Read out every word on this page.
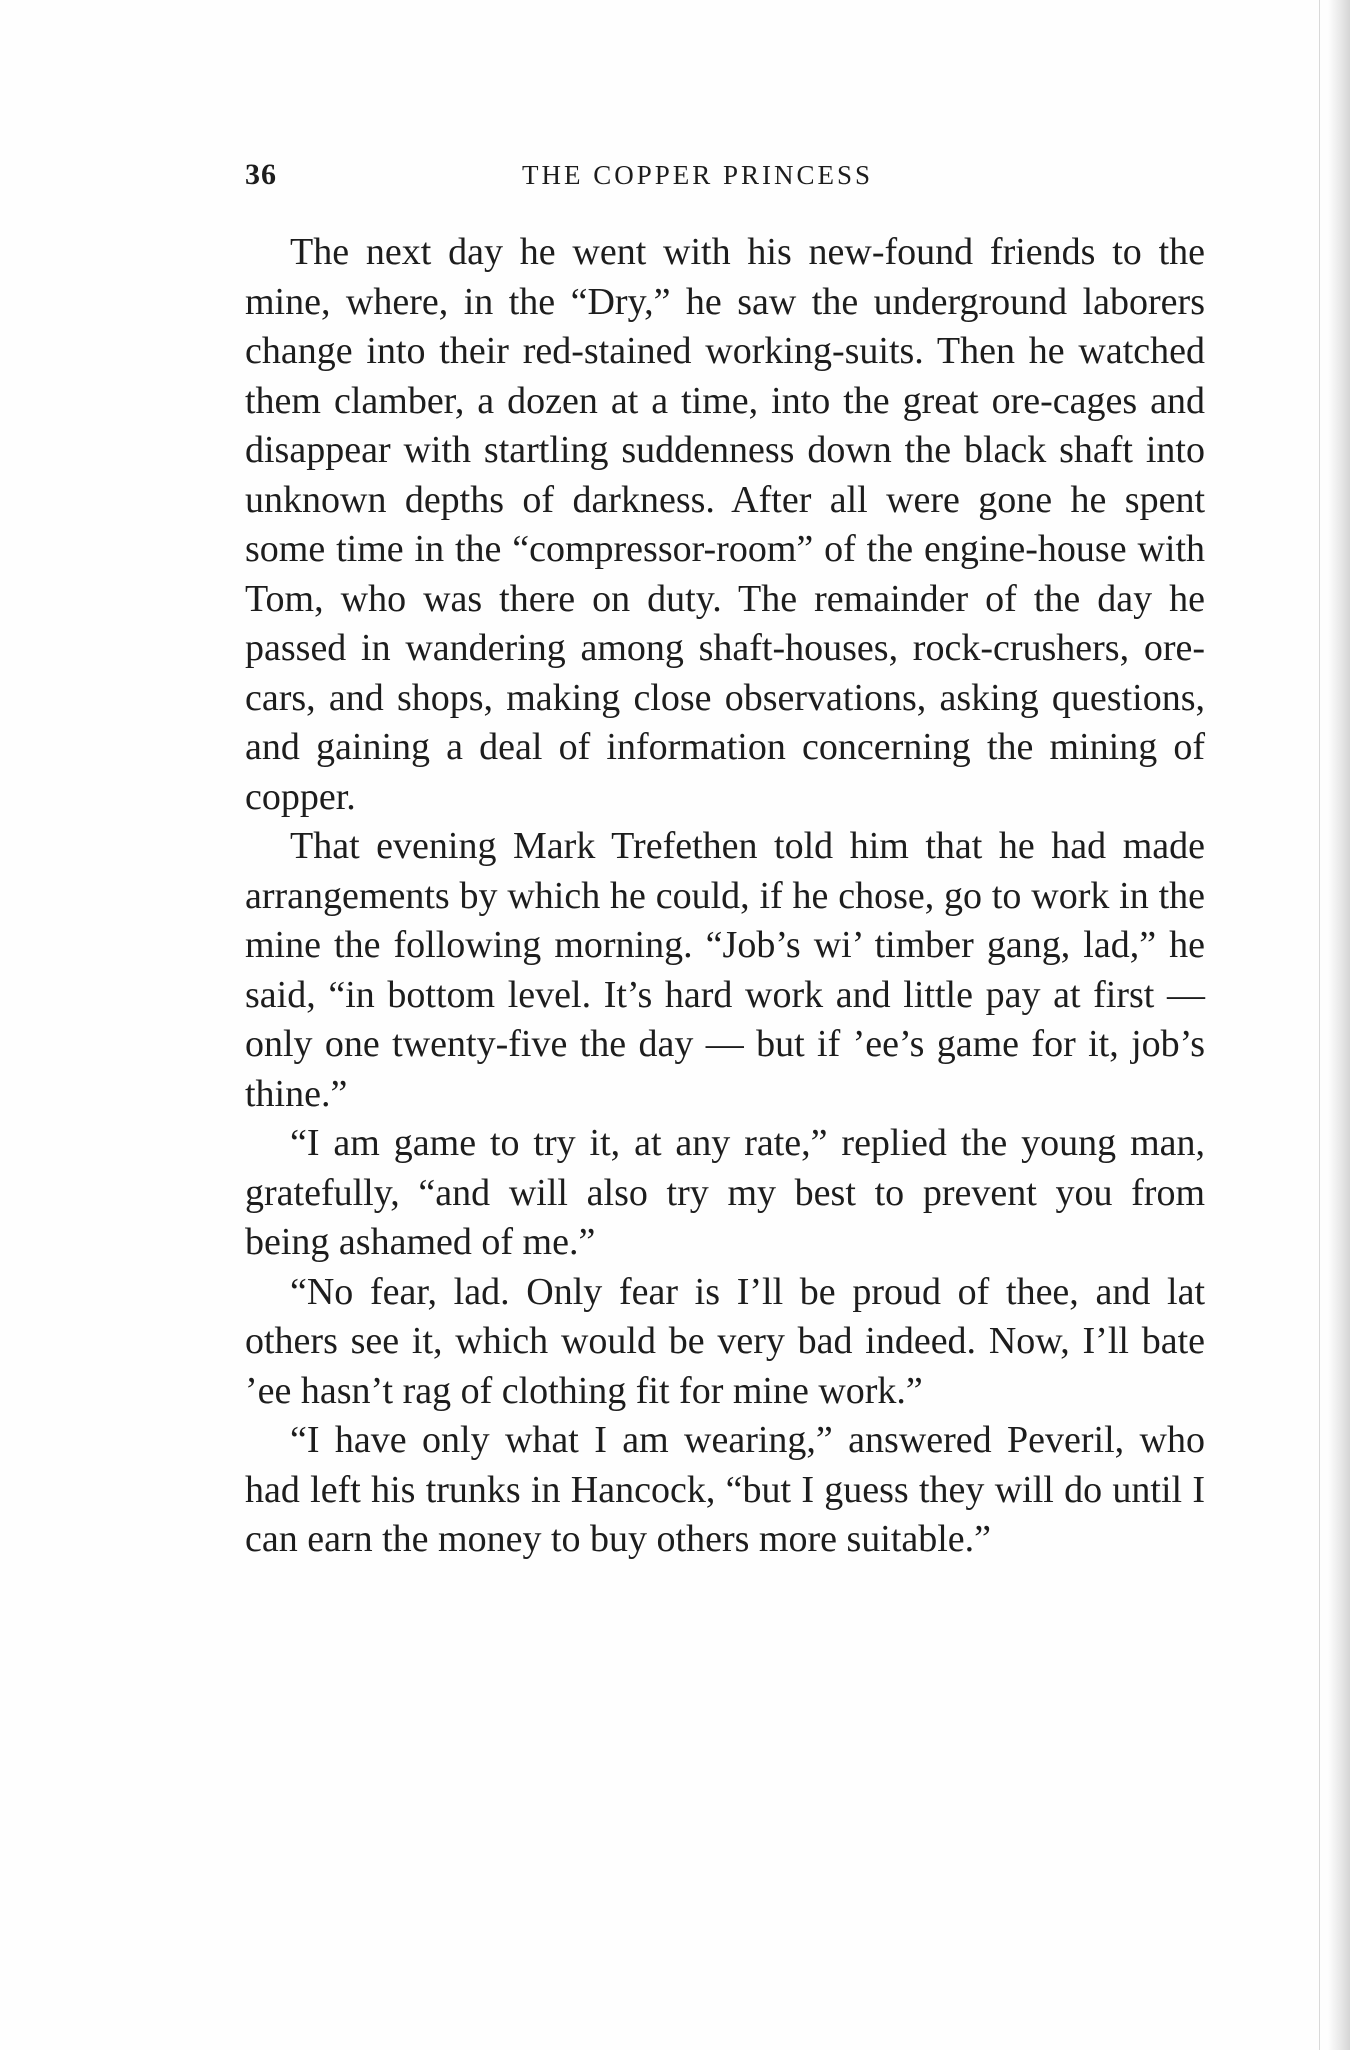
36	THE COPPER PRINCESS

The next day he went with his new-found friends to the mine, where, in the “Dry,” he saw the underground laborers change into their red-stained working-suits. Then he watched them clamber, a dozen at a time, into the great ore-cages and disappear with startling suddenness down the black shaft into unknown depths of darkness. After all were gone he spent some time in the “compressor-room” of the engine-house with Tom, who was there on duty. The remainder of the day he passed in wandering among shaft-houses, rock-crushers, ore-cars, and shops, making close observations, asking questions, and gaining a deal of information concerning the mining of copper.

That evening Mark Trefethen told him that he had made arrangements by which he could, if he chose, go to work in the mine the following morning. “Job’s wi’ timber gang, lad,” he said, “in bottom level. It’s hard work and little pay at first — only one twenty-five the day — but if ’ee’s game for it, job’s thine.”

“I am game to try it, at any rate,” replied the young man, gratefully, “and will also try my best to prevent you from being ashamed of me.”

“No fear, lad. Only fear is I’ll be proud of thee, and lat others see it, which would be very bad indeed. Now, I’ll bate ’ee hasn’t rag of clothing fit for mine work.”

“I have only what I am wearing,” answered Peveril, who had left his trunks in Hancock, “but I guess they will do until I can earn the money to buy others more suitable.”
